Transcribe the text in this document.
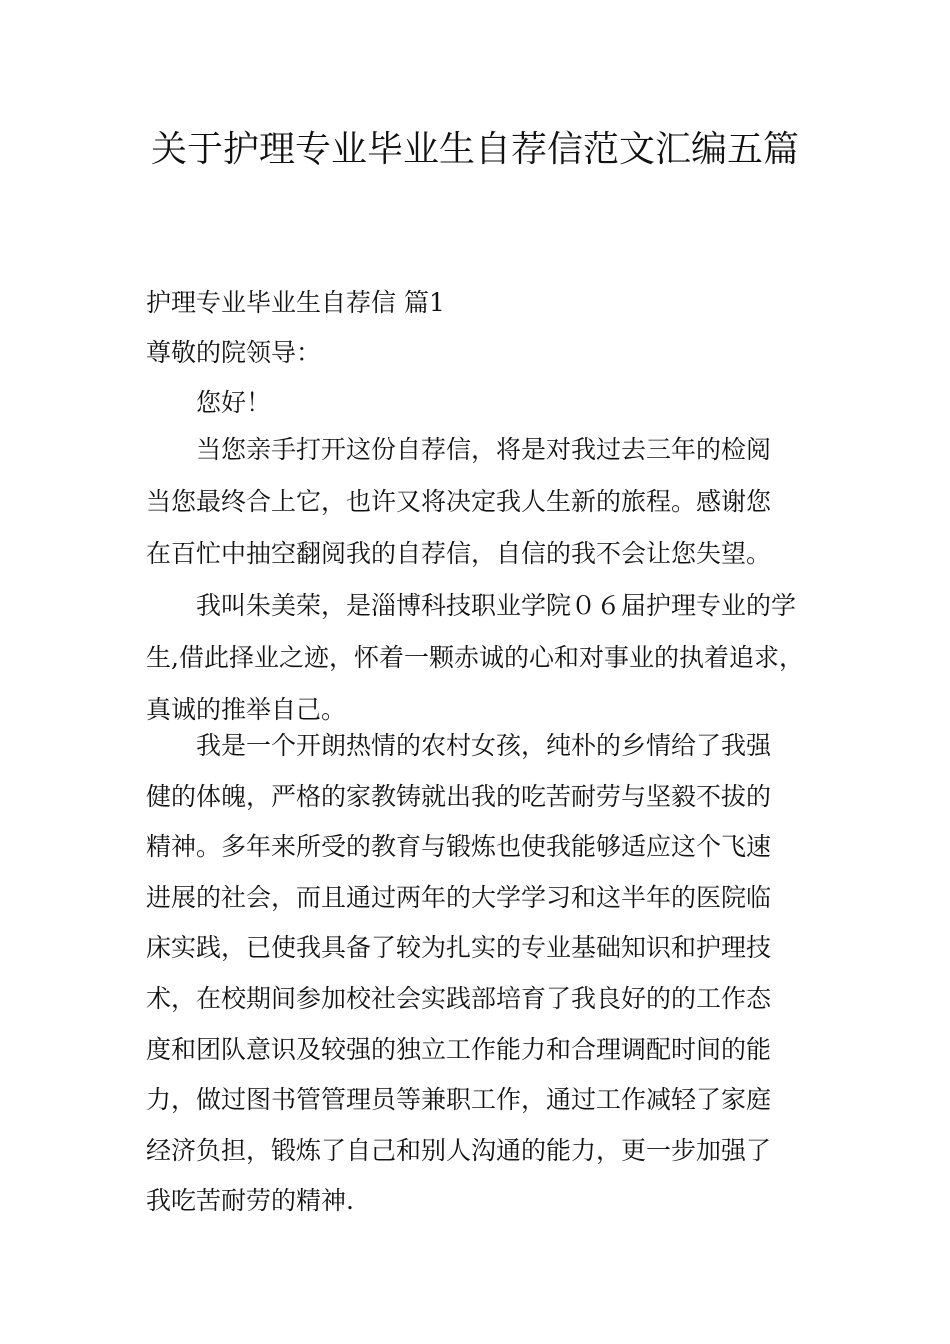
关于护理专业毕业生自荐信范文汇编五篇
护理专业毕业生自荐信 篇1
尊敬的院领导：
您好！
当您亲手打开这份自荐信，将是对我过去三年的检阅
当您最终合上它，也许又将决定我人生新的旅程。感谢您
在百忙中抽空翻阅我的自荐信，自信的我不会让您失望。
我叫朱美荣，是淄博科技职业学院０６届护理专业的学
生,借此择业之迹，怀着一颗赤诚的心和对事业的执着追求，
真诚的推举自己。
我是一个开朗热情的农村女孩，纯朴的乡情给了我强
健的体魄，严格的家教铸就出我的吃苦耐劳与坚毅不拔的
精神。多年来所受的教育与锻炼也使我能够适应这个飞速
进展的社会，而且通过两年的大学学习和这半年的医院临
床实践，已使我具备了较为扎实的专业基础知识和护理技
术，在校期间参加校社会实践部培育了我良好的的工作态
度和团队意识及较强的独立工作能力和合理调配时间的能
力，做过图书管管理员等兼职工作，通过工作减轻了家庭
经济负担，锻炼了自己和别人沟通的能力，更一步加强了
我吃苦耐劳的精神.
